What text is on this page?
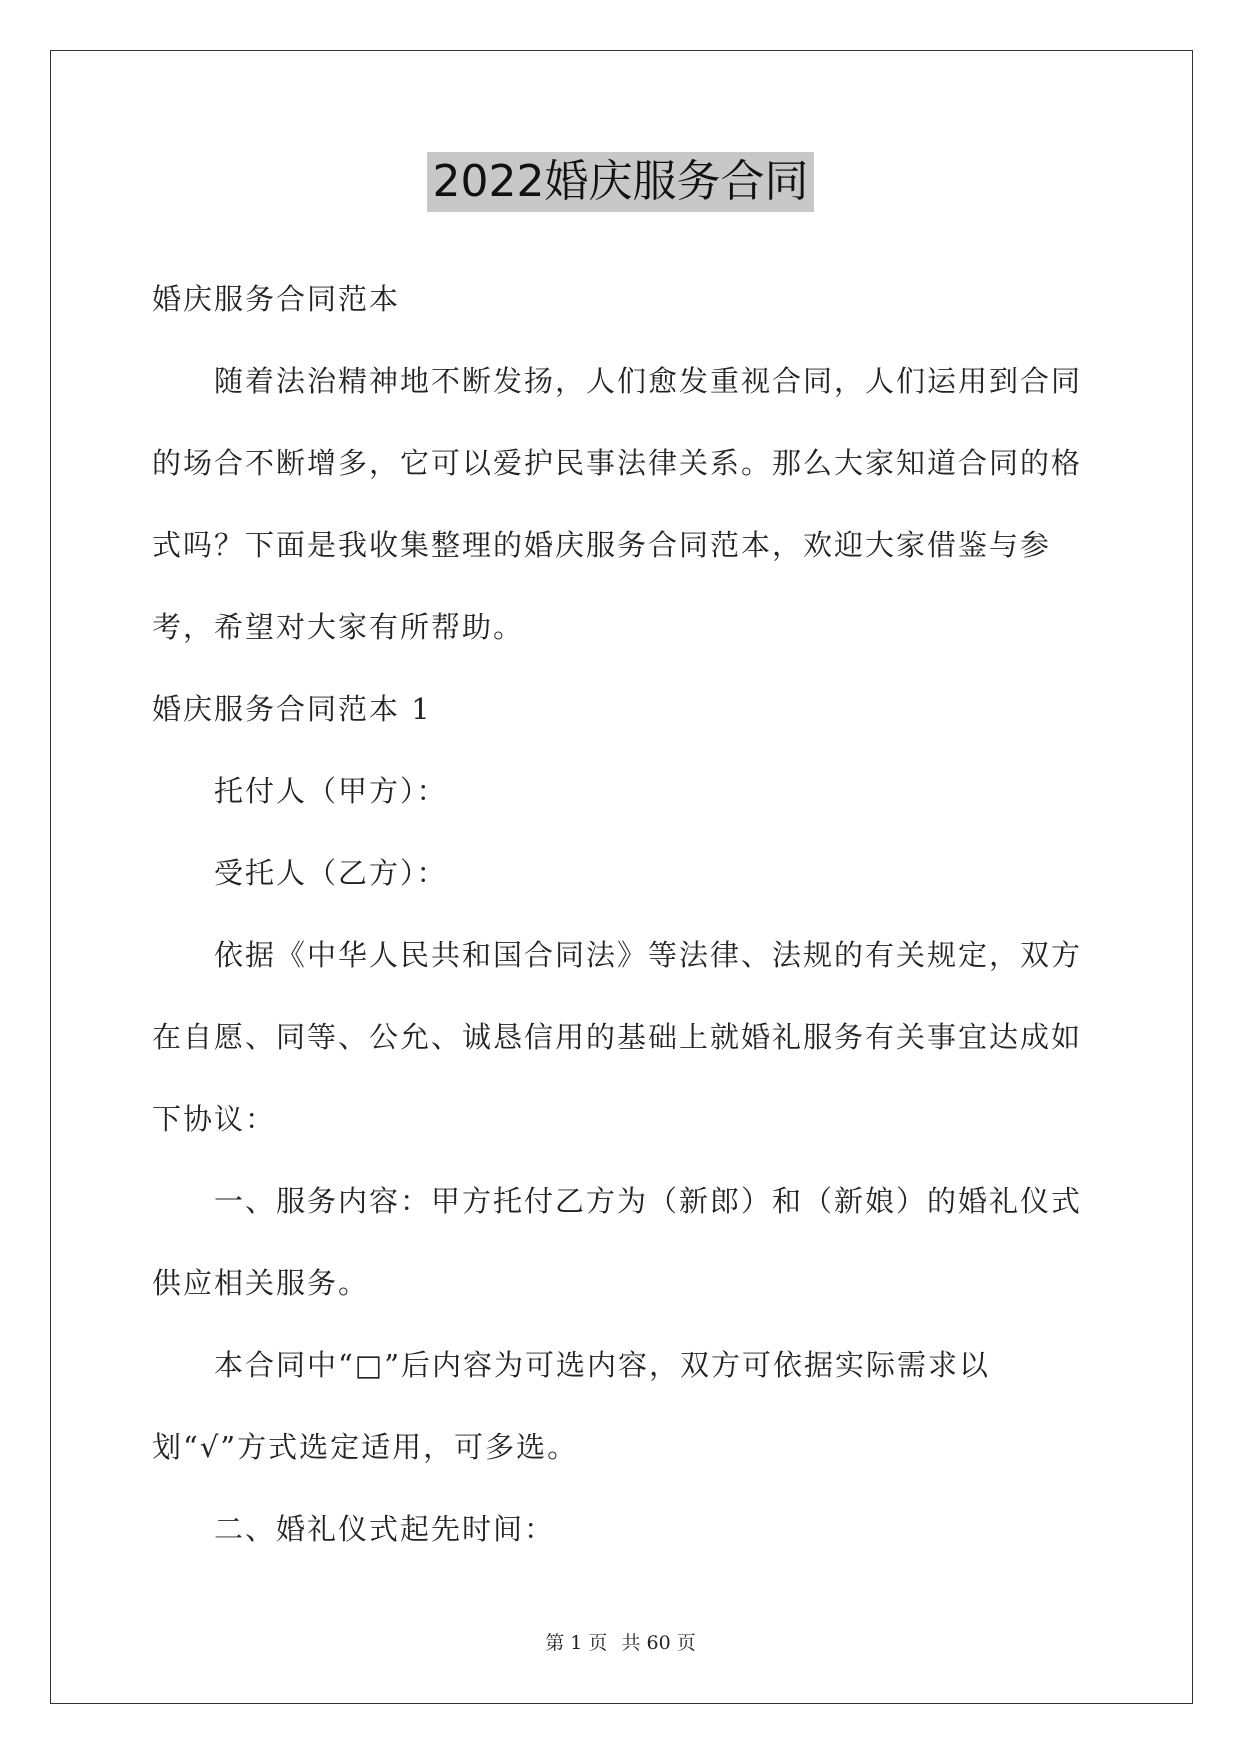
2022婚庆服务合同

婚庆服务合同范本

随着法治精神地不断发扬，人们愈发重视合同，人们运用到合同的场合不断增多，它可以爱护民事法律关系。那么大家知道合同的格式吗？下面是我收集整理的婚庆服务合同范本，欢迎大家借鉴与参考，希望对大家有所帮助。

婚庆服务合同范本 1

托付人（甲方）：

受托人（乙方）：

依据《中华人民共和国合同法》等法律、法规的有关规定，双方在自愿、同等、公允、诚恳信用的基础上就婚礼服务有关事宜达成如下协议：

一、服务内容：甲方托付乙方为（新郎）和（新娘）的婚礼仪式供应相关服务。

本合同中“□”后内容为可选内容，双方可依据实际需求以划“√”方式选定适用，可多选。

二、婚礼仪式起先时间：

第 1 页 共 60 页
